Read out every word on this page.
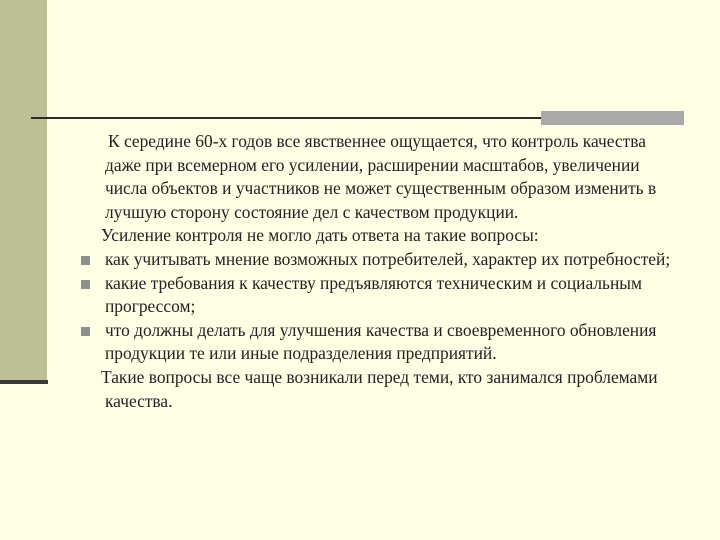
К середине 60-х годов все явственнее ощущается, что контроль качества даже при всемерном его усилении, расширении масштабов, увеличении числа объектов и участников не может существенным образом изменить в лучшую сторону состояние дел с качеством продукции.

Усиление контроля не могло дать ответа на такие вопросы:

как учитывать мнение возможных потребителей, характер их потребностей;
какие требования к качеству предъявляются техническим и социальным прогрессом;
что должны делать для улучшения качества и своевременного обновления продукции те или иные подразделения предприятий.

Такие вопросы все чаще возникали перед теми, кто занимался проблемами качества.
